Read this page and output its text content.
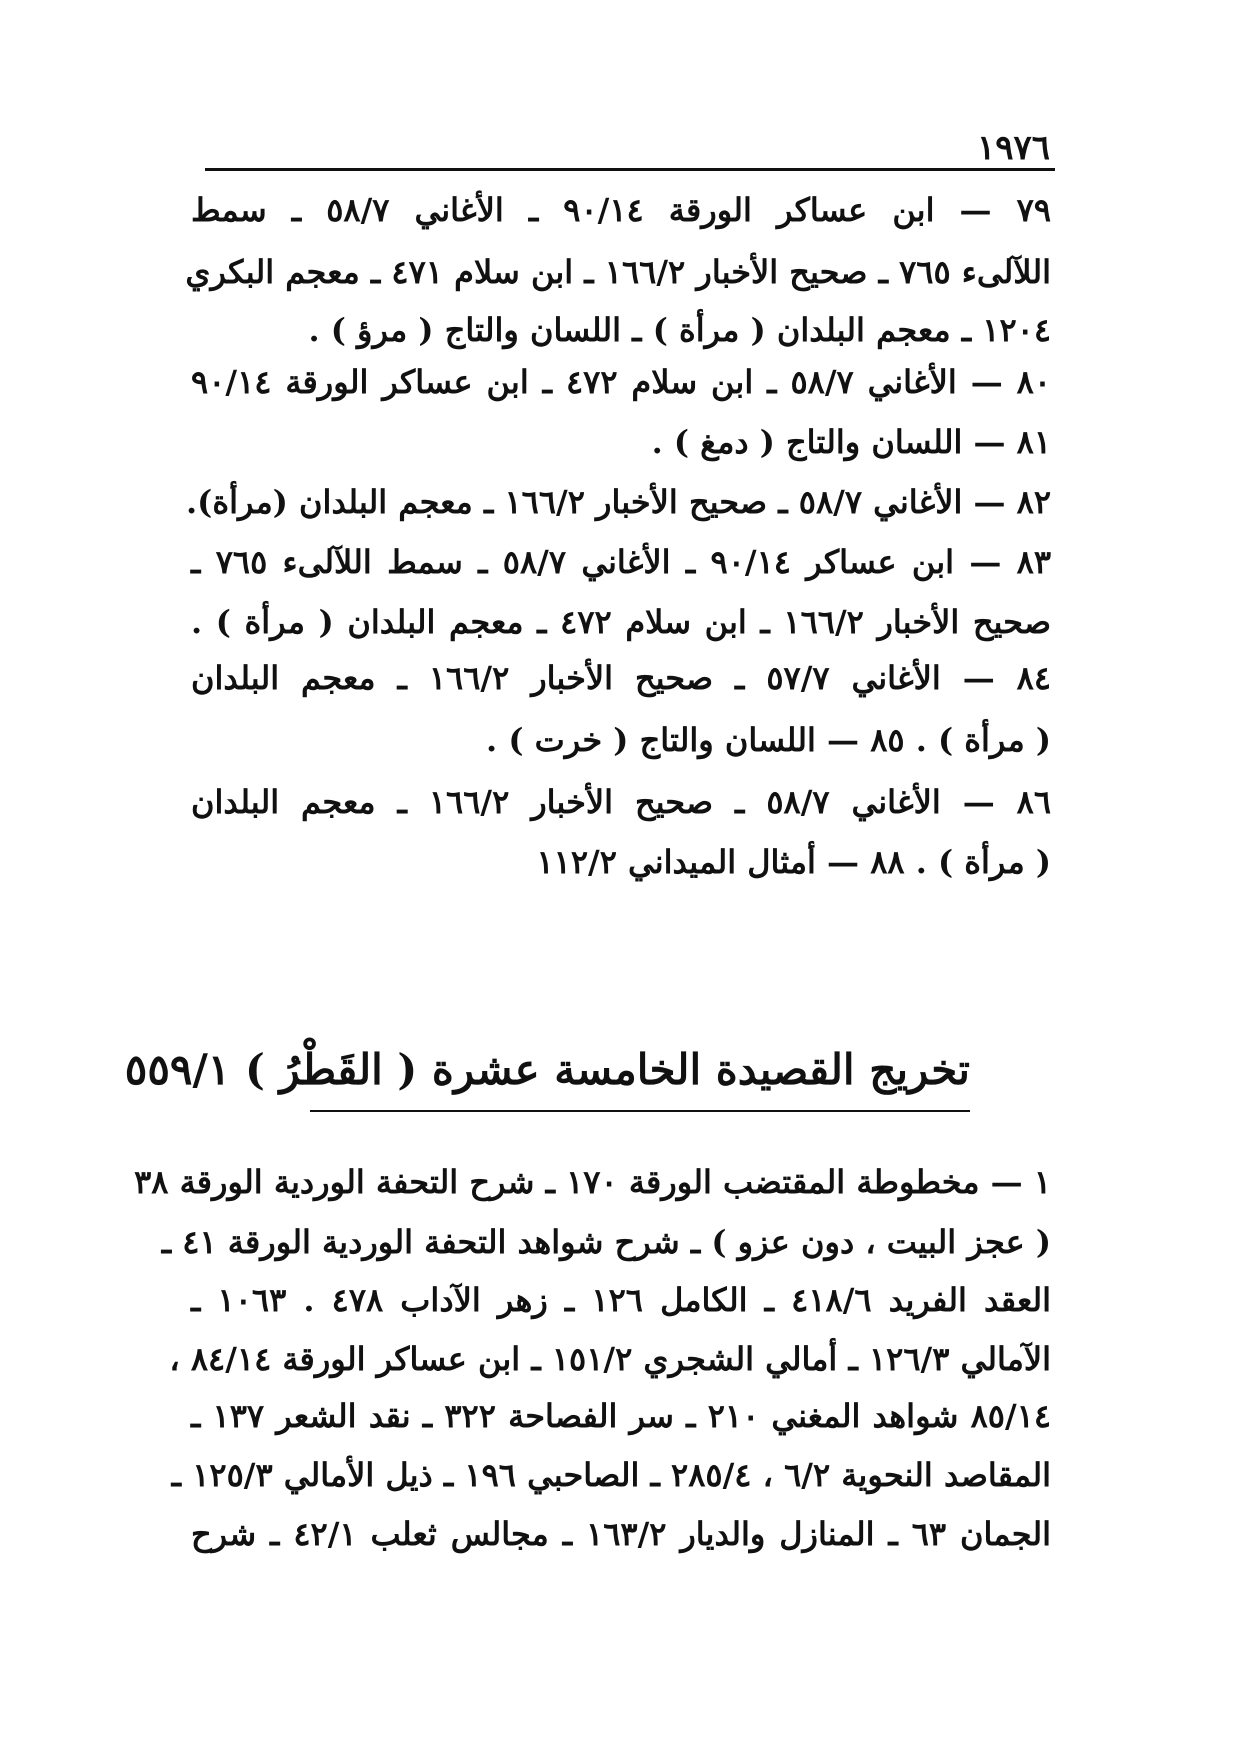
١٩٧٦
٧٩ — ابن عساكر الورقة ٩٠/١٤ ـ الأغاني ٥٨/٧ ـ سمط
اللآلىء ٧٦٥ ـ صحيح الأخبار ١٦٦/٢ ـ ابن سلام ٤٧١ ـ معجم البكري
١٢٠٤ ـ معجم البلدان ( مرأة ) ـ اللسان والتاج ( مرؤ ) .
٨٠ — الأغاني ٥٨/٧ ـ ابن سلام ٤٧٢ ـ ابن عساكر الورقة ٩٠/١٤
٨١ — اللسان والتاج ( دمغ ) .
٨٢ — الأغاني ٥٨/٧ ـ صحيح الأخبار ١٦٦/٢ ـ معجم البلدان (مرأة).
٨٣ — ابن عساكر ٩٠/١٤ ـ الأغاني ٥٨/٧ ـ سمط اللآلىء ٧٦٥ ـ
صحيح الأخبار ١٦٦/٢ ـ ابن سلام ٤٧٢ ـ معجم البلدان ( مرأة ) .
٨٤ — الأغاني ٥٧/٧ ـ صحيح الأخبار ١٦٦/٢ ـ معجم البلدان
( مرأة ) . ٨٥ — اللسان والتاج ( خرت ) .
٨٦ — الأغاني ٥٨/٧ ـ صحيح الأخبار ١٦٦/٢ ـ معجم البلدان
( مرأة ) . ٨٨ — أمثال الميداني ١١٢/٢
تخريج القصيدة الخامسة عشرة ( القَطْرُ ) ٥٥٩/١
١ — مخطوطة المقتضب الورقة ١٧٠ ـ شرح التحفة الوردية الورقة ٣٨
( عجز البيت ، دون عزو ) ـ شرح شواهد التحفة الوردية الورقة ٤١ ـ
العقد الفريد ٤١٨/٦ ـ الكامل ١٢٦ ـ زهر الآداب ٤٧٨ . ١٠٦٣ ـ
الآمالي ١٢٦/٣ ـ أمالي الشجري ١٥١/٢ ـ ابن عساكر الورقة ٨٤/١٤ ،
٨٥/١٤ شواهد المغني ٢١٠ ـ سر الفصاحة ٣٢٢ ـ نقد الشعر ١٣٧ ـ
المقاصد النحوية ٦/٢ ، ٢٨٥/٤ ـ الصاحبي ١٩٦ ـ ذيل الأمالي ١٢٥/٣ ـ
الجمان ٦٣ ـ المنازل والديار ١٦٣/٢ ـ مجالس ثعلب ٤٢/١ ـ شرح
